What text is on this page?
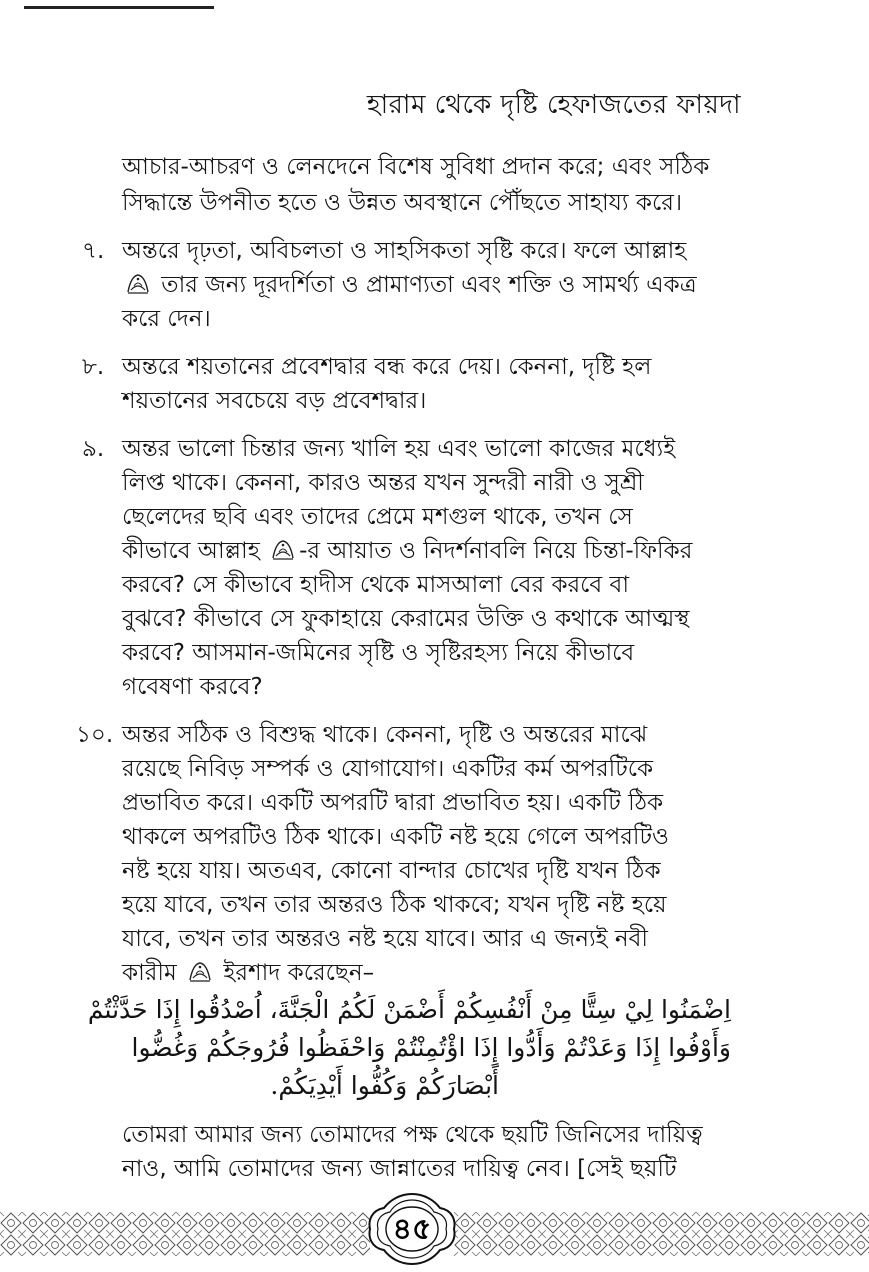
হারাম থেকে দৃষ্টি হেফাজতের ফায়দা
আচার-আচরণ ও লেনদেনে বিশেষ সুবিধা প্রদান করে; এবং সঠিক
সিদ্ধান্তে উপনীত হতে ও উন্নত অবস্থানে পৌঁছতে সাহায্য করে।
৭. অন্তরে দৃঢ়তা, অবিচলতা ও সাহসিকতা সৃষ্টি করে। ফলে আল্লাহ
তার জন্য দূরদর্শিতা ও প্রামাণ্যতা এবং শক্তি ও সামর্থ্য একত্র
করে দেন।
৮. অন্তরে শয়তানের প্রবেশদ্বার বন্ধ করে দেয়। কেননা, দৃষ্টি হল
শয়তানের সবচেয়ে বড় প্রবেশদ্বার।
৯. অন্তর ভালো চিন্তার জন্য খালি হয় এবং ভালো কাজের মধ্যেই
লিপ্ত থাকে। কেননা, কারও অন্তর যখন সুন্দরী নারী ও সুশ্রী
ছেলেদের ছবি এবং তাদের প্রেমে মশগুল থাকে, তখন সে
কীভাবে আল্লাহ
-র আয়াত ও নিদর্শনাবলি নিয়ে চিন্তা-ফিকির
করবে? সে কীভাবে হাদীস থেকে মাসআলা বের করবে বা
বুঝবে? কীভাবে সে ফুকাহায়ে কেরামের উক্তি ও কথাকে আত্মস্থ
করবে? আসমান-জমিনের সৃষ্টি ও সৃষ্টিরহস্য নিয়ে কীভাবে
গবেষণা করবে?
১০. অন্তর সঠিক ও বিশুদ্ধ থাকে। কেননা, দৃষ্টি ও অন্তরের মাঝে
রয়েছে নিবিড় সম্পর্ক ও যোগাযোগ। একটির কর্ম অপরটিকে
প্রভাবিত করে। একটি অপরটি দ্বারা প্রভাবিত হয়। একটি ঠিক
থাকলে অপরটিও ঠিক থাকে। একটি নষ্ট হয়ে গেলে অপরটিও
নষ্ট হয়ে যায়। অতএব, কোনো বান্দার চোখের দৃষ্টি যখন ঠিক
হয়ে যাবে, তখন তার অন্তরও ঠিক থাকবে; যখন দৃষ্টি নষ্ট হয়ে
যাবে, তখন তার অন্তরও নষ্ট হয়ে যাবে। আর এ জন্যই নবী
কারীম
ইরশাদ করেছেন–
اِضْمَنُوا لِيْ سِتًّا مِنْ أَنْفُسِكُمْ أَضْمَنْ لَكُمُ الْجَنَّةَ، اُصْدُقُوا إِذَا حَدَّثْتُمْ
وَأَوْفُوا إِذَا وَعَدْتُمْ وَأَدُّوا إِذَا اؤْتُمِنْتُمْ وَاحْفَظُوا فُرُوجَكُمْ وَغُضُّوا
أَبْصَارَكُمْ وَكُفُّوا أَيْدِيَكُمْ.
তোমরা আমার জন্য তোমাদের পক্ষ থেকে ছয়টি জিনিসের দায়িত্ব
নাও, আমি তোমাদের জন্য জান্নাতের দায়িত্ব নেব। [সেই ছয়টি
৪৫
